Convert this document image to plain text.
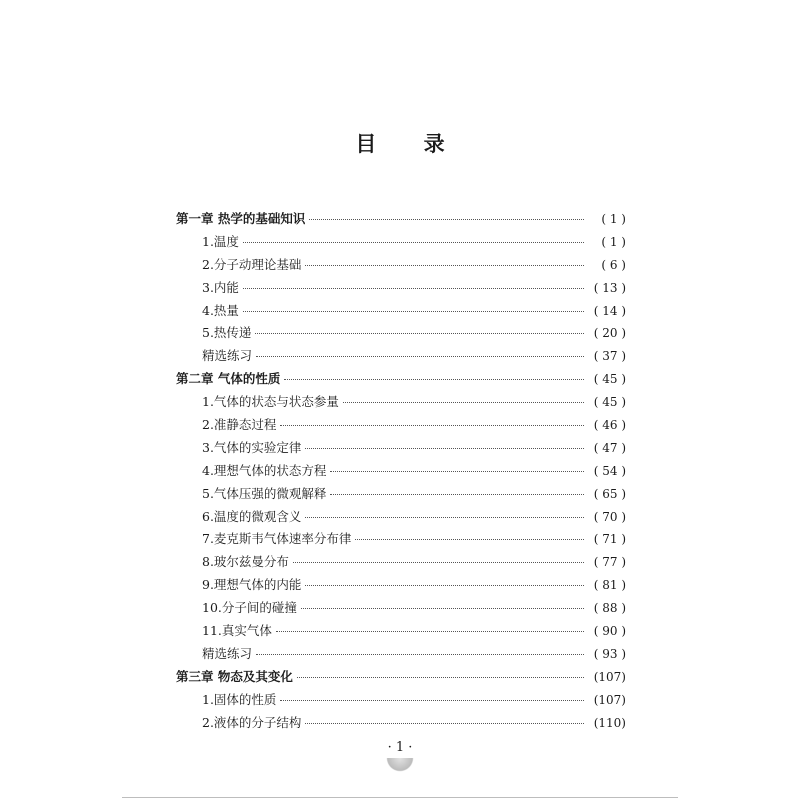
目 录
第一章 热学的基础知识	( 1 )
1.温度	( 1 )
2.分子动理论基础	( 6 )
3.内能	( 13 )
4.热量	( 14 )
5.热传递	( 20 )
精选练习	( 37 )
第二章 气体的性质	( 45 )
1.气体的状态与状态参量	( 45 )
2.准静态过程	( 46 )
3.气体的实验定律	( 47 )
4.理想气体的状态方程	( 54 )
5.气体压强的微观解释	( 65 )
6.温度的微观含义	( 70 )
7.麦克斯韦气体速率分布律	( 71 )
8.玻尔兹曼分布	( 77 )
9.理想气体的内能	( 81 )
10.分子间的碰撞	( 88 )
11.真实气体	( 90 )
精选练习	( 93 )
第三章 物态及其变化	(107)
1.固体的性质	(107)
2.液体的分子结构	(110)
· 1 ·
